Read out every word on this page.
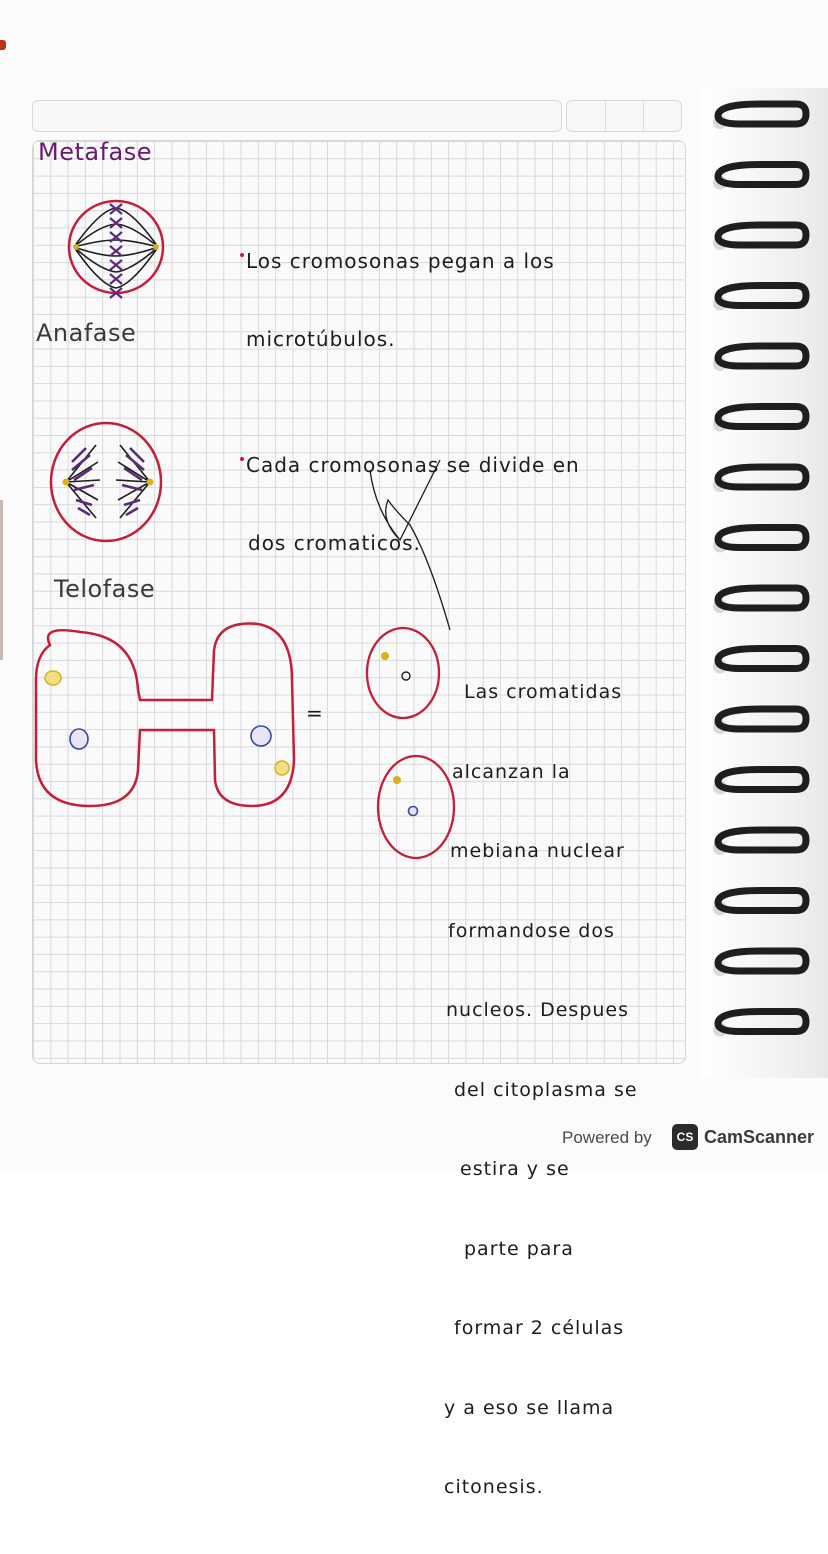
Metafase
Anafase
Telofase

Los cromosonas pegan a los

microtúbulos.

Cada cromosonas se divide en

dos cromaticos.

=

Las cromatidas

alcanzan la

mebiana nuclear

formandose dos

nucleos. Despues

del citoplasma se

estira y se

parte para

formar 2 células

y a eso se llama

citonesis.

Powered by	CS CamScanner
